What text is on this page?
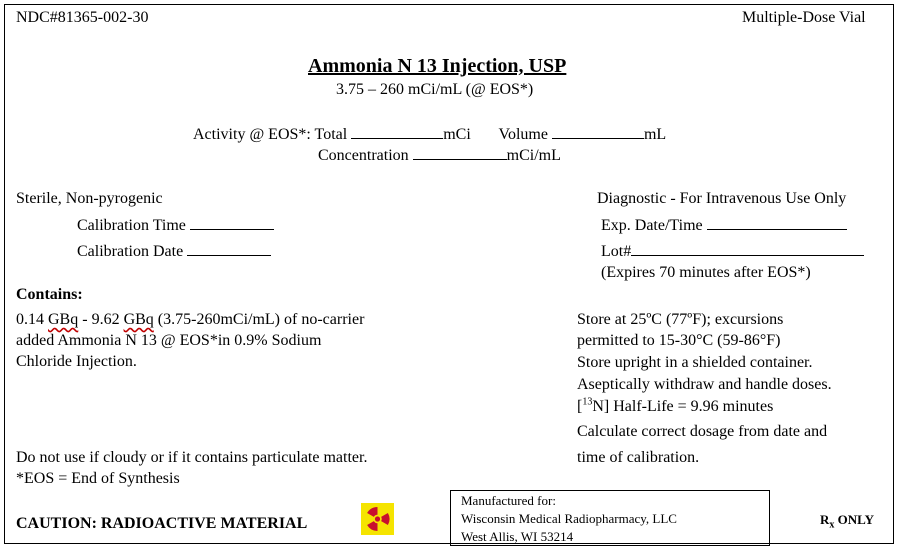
NDC#81365-002-30	Multiple-Dose Vial
Ammonia N 13 Injection, USP
3.75 – 260 mCi/mL (@ EOS*)
Activity @ EOS*: Total	mCi Volume	mL
Concentration	mCi/mL
Sterile, Non-pyrogenic
Calibration Time
Calibration Date
Diagnostic - For Intravenous Use Only
Exp. Date/Time
Lot#
(Expires 70 minutes after EOS*)
Contains:
0.14 GBq - 9.62 GBq (3.75-260mCi/mL) of no-carrier
added Ammonia N 13 @ EOS*in 0.9% Sodium
Chloride Injection.
Store at 25ºC (77ºF); excursions
permitted to 15-30°C (59-86°F)
Store upright in a shielded container.
Aseptically withdraw and handle doses.
[$^{13}$N] Half-Life = 9.96 minutes
Calculate correct dosage from date and
time of calibration.
Do not use if cloudy or if it contains particulate matter.
*EOS = End of Synthesis
CAUTION: RADIOACTIVE MATERIAL
Manufactured for:
Wisconsin Medical Radiopharmacy, LLC
West Allis, WI 53214
$R_x$ ONLY
